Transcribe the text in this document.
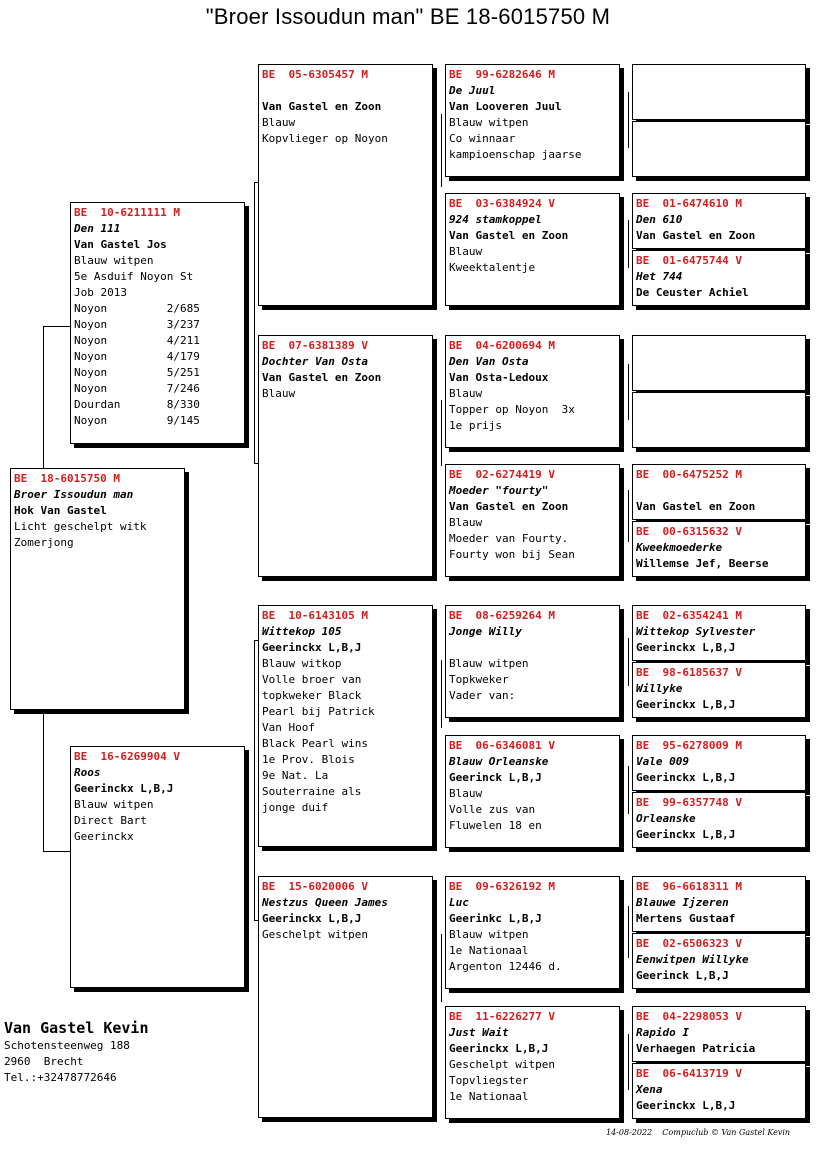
"Broer Issoudun man" BE 18-6015750 M
BE  18-6015750 M
Broer Issoudun man
Hok Van Gastel
Licht geschelpt witk
Zomerjong
BE  10-6211111 M
Den 111
Van Gastel Jos
Blauw witpen
5e Asduif Noyon St
Job 2013
Noyon         2/685
Noyon         3/237
Noyon         4/211
Noyon         4/179
Noyon         5/251
Noyon         7/246
Dourdan       8/330
Noyon         9/145
BE  16-6269904 V
Roos
Geerinckx L,B,J
Blauw witpen
Direct Bart
Geerinckx
BE  05-6305457 M
Van Gastel en Zoon
Blauw
Kopvlieger op Noyon
BE  07-6381389 V
Dochter Van Osta
Van Gastel en Zoon
Blauw
BE  10-6143105 M
Wittekop 105
Geerinckx L,B,J
Blauw witkop
Volle broer van
topkweker Black
Pearl bij Patrick
Van Hoof
Black Pearl wins
1e Prov. Blois
9e Nat. La
Souterraine als
jonge duif
BE  15-6020006 V
Nestzus Queen James
Geerinckx L,B,J
Geschelpt witpen
BE  99-6282646 M
De Juul
Van Looveren Juul
Blauw witpen
Co winnaar
kampioenschap jaarse
BE  03-6384924 V
924 stamkoppel
Van Gastel en Zoon
Blauw
Kweektalentje
BE  04-6200694 M
Den Van Osta
Van Osta-Ledoux
Blauw
Topper op Noyon  3x
1e prijs
BE  02-6274419 V
Moeder "fourty"
Van Gastel en Zoon
Blauw
Moeder van Fourty.
Fourty won bij Sean
BE  08-6259264 M
Jonge Willy
Blauw witpen
Topkweker
Vader van:
BE  06-6346081 V
Blauw Orleanske
Geerinck L,B,J
Blauw
Volle zus van
Fluwelen 18 en
BE  09-6326192 M
Luc
Geerinkc L,B,J
Blauw witpen
1e Nationaal
Argenton 12446 d.
BE  11-6226277 V
Just Wait
Geerinckx L,B,J
Geschelpt witpen
Topvliegster
1e Nationaal
BE  01-6474610 M
Den 610
Van Gastel en Zoon
BE  01-6475744 V
Het 744
De Ceuster Achiel
BE  00-6475252 M
Van Gastel en Zoon
BE  00-6315632 V
Kweekmoederke
Willemse Jef, Beerse
BE  02-6354241 M
Wittekop Sylvester
Geerinckx L,B,J
BE  98-6185637 V
Willyke
Geerinckx L,B,J
BE  95-6278009 M
Vale 009
Geerinckx L,B,J
BE  99-6357748 V
Orleanske
Geerinckx L,B,J
BE  96-6618311 M
Blauwe Ijzeren
Mertens Gustaaf
BE  02-6506323 V
Eenwitpen Willyke
Geerinck L,B,J
BE  04-2298053 V
Rapido I
Verhaegen Patricia
BE  06-6413719 V
Xena
Geerinckx L,B,J
Van Gastel Kevin
Schotensteenweg 188
2960  Brecht
Tel.:+32478772646
14-08-2022    Compuclub © Van Gastel Kevin
